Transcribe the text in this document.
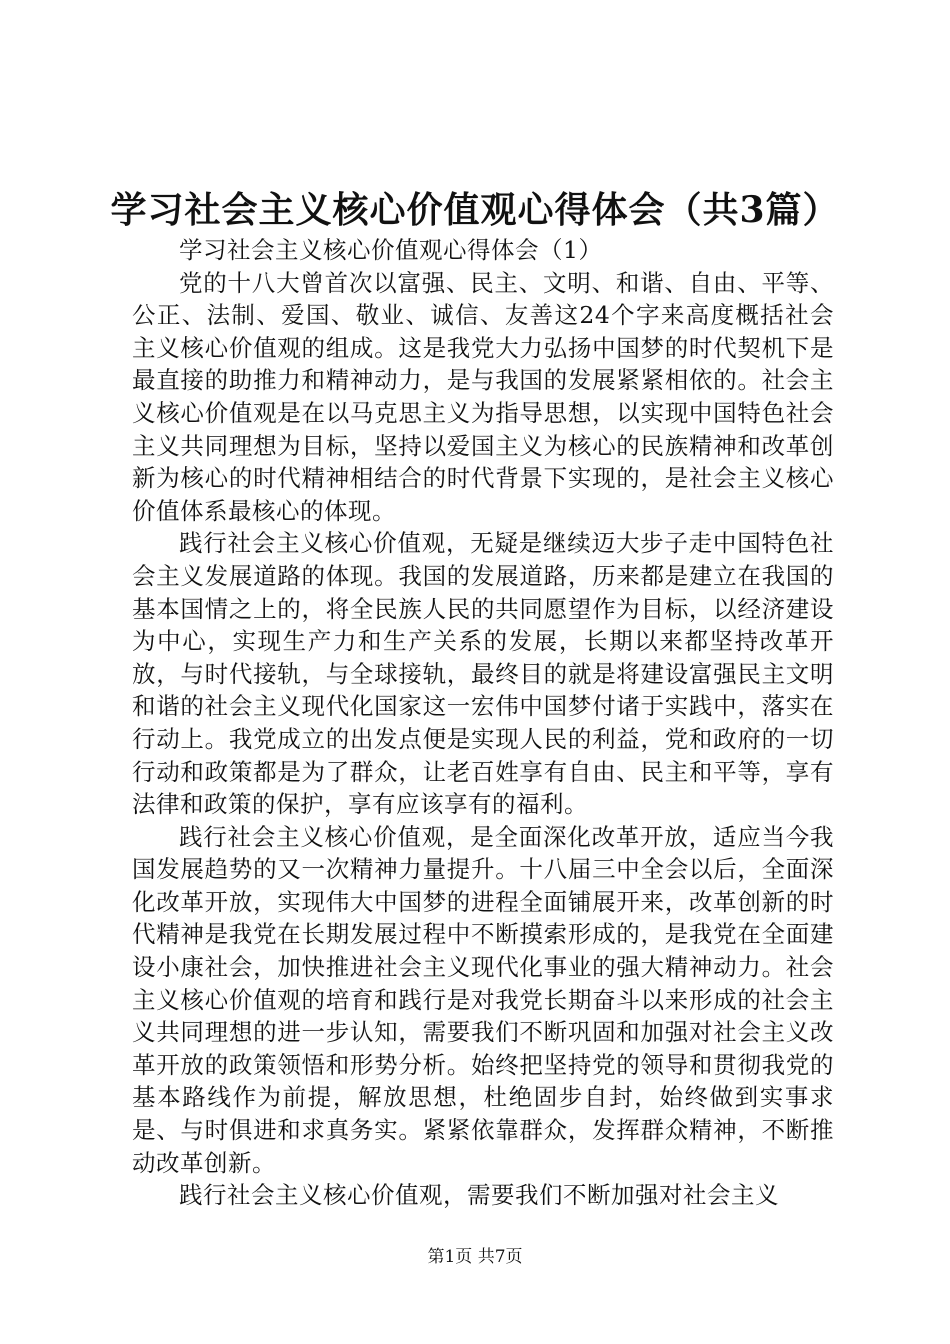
学习社会主义核心价值观心得体会（共3篇）

学习社会主义核心价值观心得体会（1）

党的十八大曾首次以富强、民主、文明、和谐、自由、平等、公正、法制、爱国、敬业、诚信、友善这24个字来高度概括社会主义核心价值观的组成。这是我党大力弘扬中国梦的时代契机下是最直接的助推力和精神动力，是与我国的发展紧紧相依的。社会主义核心价值观是在以马克思主义为指导思想，以实现中国特色社会主义共同理想为目标，坚持以爱国主义为核心的民族精神和改革创新为核心的时代精神相结合的时代背景下实现的，是社会主义核心价值体系最核心的体现。

践行社会主义核心价值观，无疑是继续迈大步子走中国特色社会主义发展道路的体现。我国的发展道路，历来都是建立在我国的基本国情之上的，将全民族人民的共同愿望作为目标，以经济建设为中心，实现生产力和生产关系的发展，长期以来都坚持改革开放，与时代接轨，与全球接轨，最终目的就是将建设富强民主文明和谐的社会主义现代化国家这一宏伟中国梦付诸于实践中，落实在行动上。我党成立的出发点便是实现人民的利益，党和政府的一切行动和政策都是为了群众，让老百姓享有自由、民主和平等，享有法律和政策的保护，享有应该享有的福利。

践行社会主义核心价值观，是全面深化改革开放，适应当今我国发展趋势的又一次精神力量提升。十八届三中全会以后，全面深化改革开放，实现伟大中国梦的进程全面铺展开来，改革创新的时代精神是我党在长期发展过程中不断摸索形成的，是我党在全面建设小康社会，加快推进社会主义现代化事业的强大精神动力。社会主义核心价值观的培育和践行是对我党长期奋斗以来形成的社会主义共同理想的进一步认知，需要我们不断巩固和加强对社会主义改革开放的政策领悟和形势分析。始终把坚持党的领导和贯彻我党的基本路线作为前提，解放思想，杜绝固步自封，始终做到实事求是、与时俱进和求真务实。紧紧依靠群众，发挥群众精神，不断推动改革创新。

践行社会主义核心价值观，需要我们不断加强对社会主义

第1页 共7页
